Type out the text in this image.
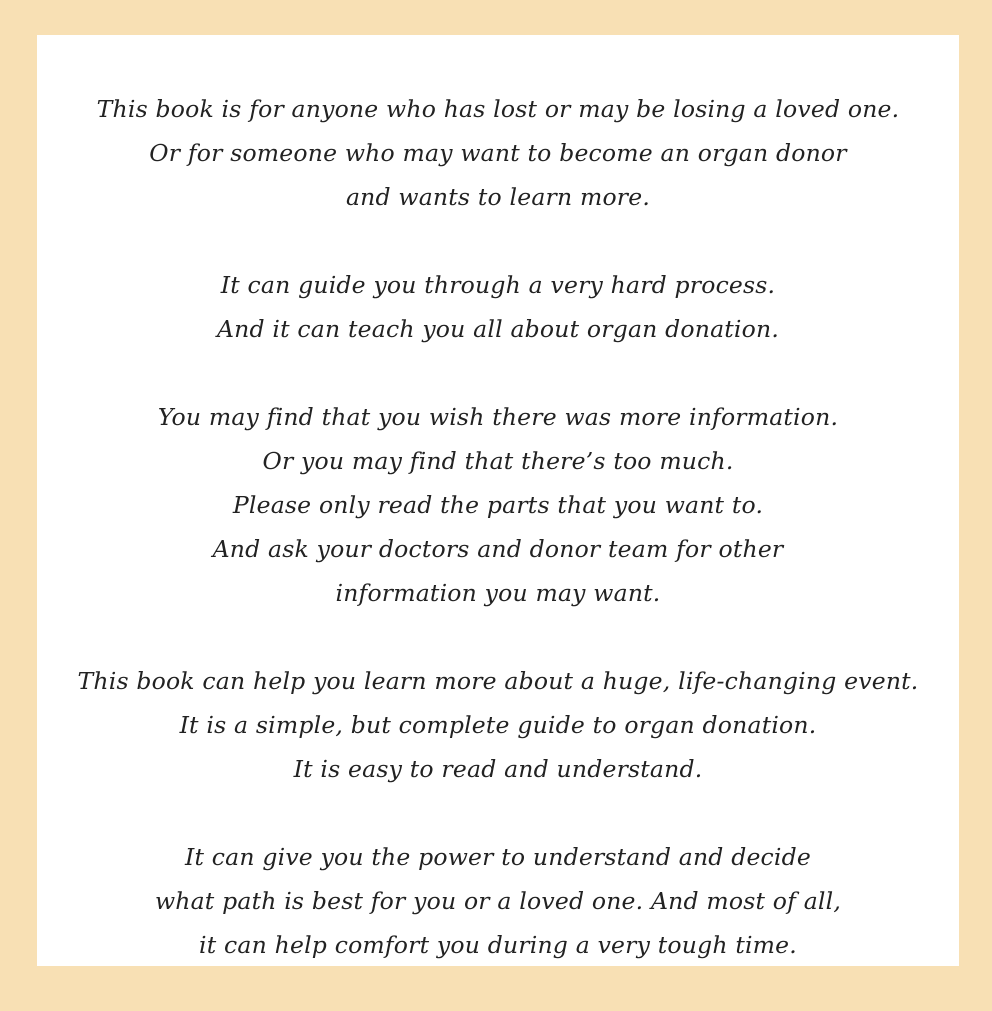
This book is for anyone who has lost or may be losing a loved one.
Or for someone who may want to become an organ donor
and wants to learn more.

It can guide you through a very hard process.
And it can teach you all about organ donation.

You may find that you wish there was more information.
Or you may find that there’s too much.
Please only read the parts that you want to.
And ask your doctors and donor team for other
information you may want.

This book can help you learn more about a huge, life-changing event.
It is a simple, but complete guide to organ donation.
It is easy to read and understand.

It can give you the power to understand and decide
what path is best for you or a loved one. And most of all,
it can help comfort you during a very tough time.
